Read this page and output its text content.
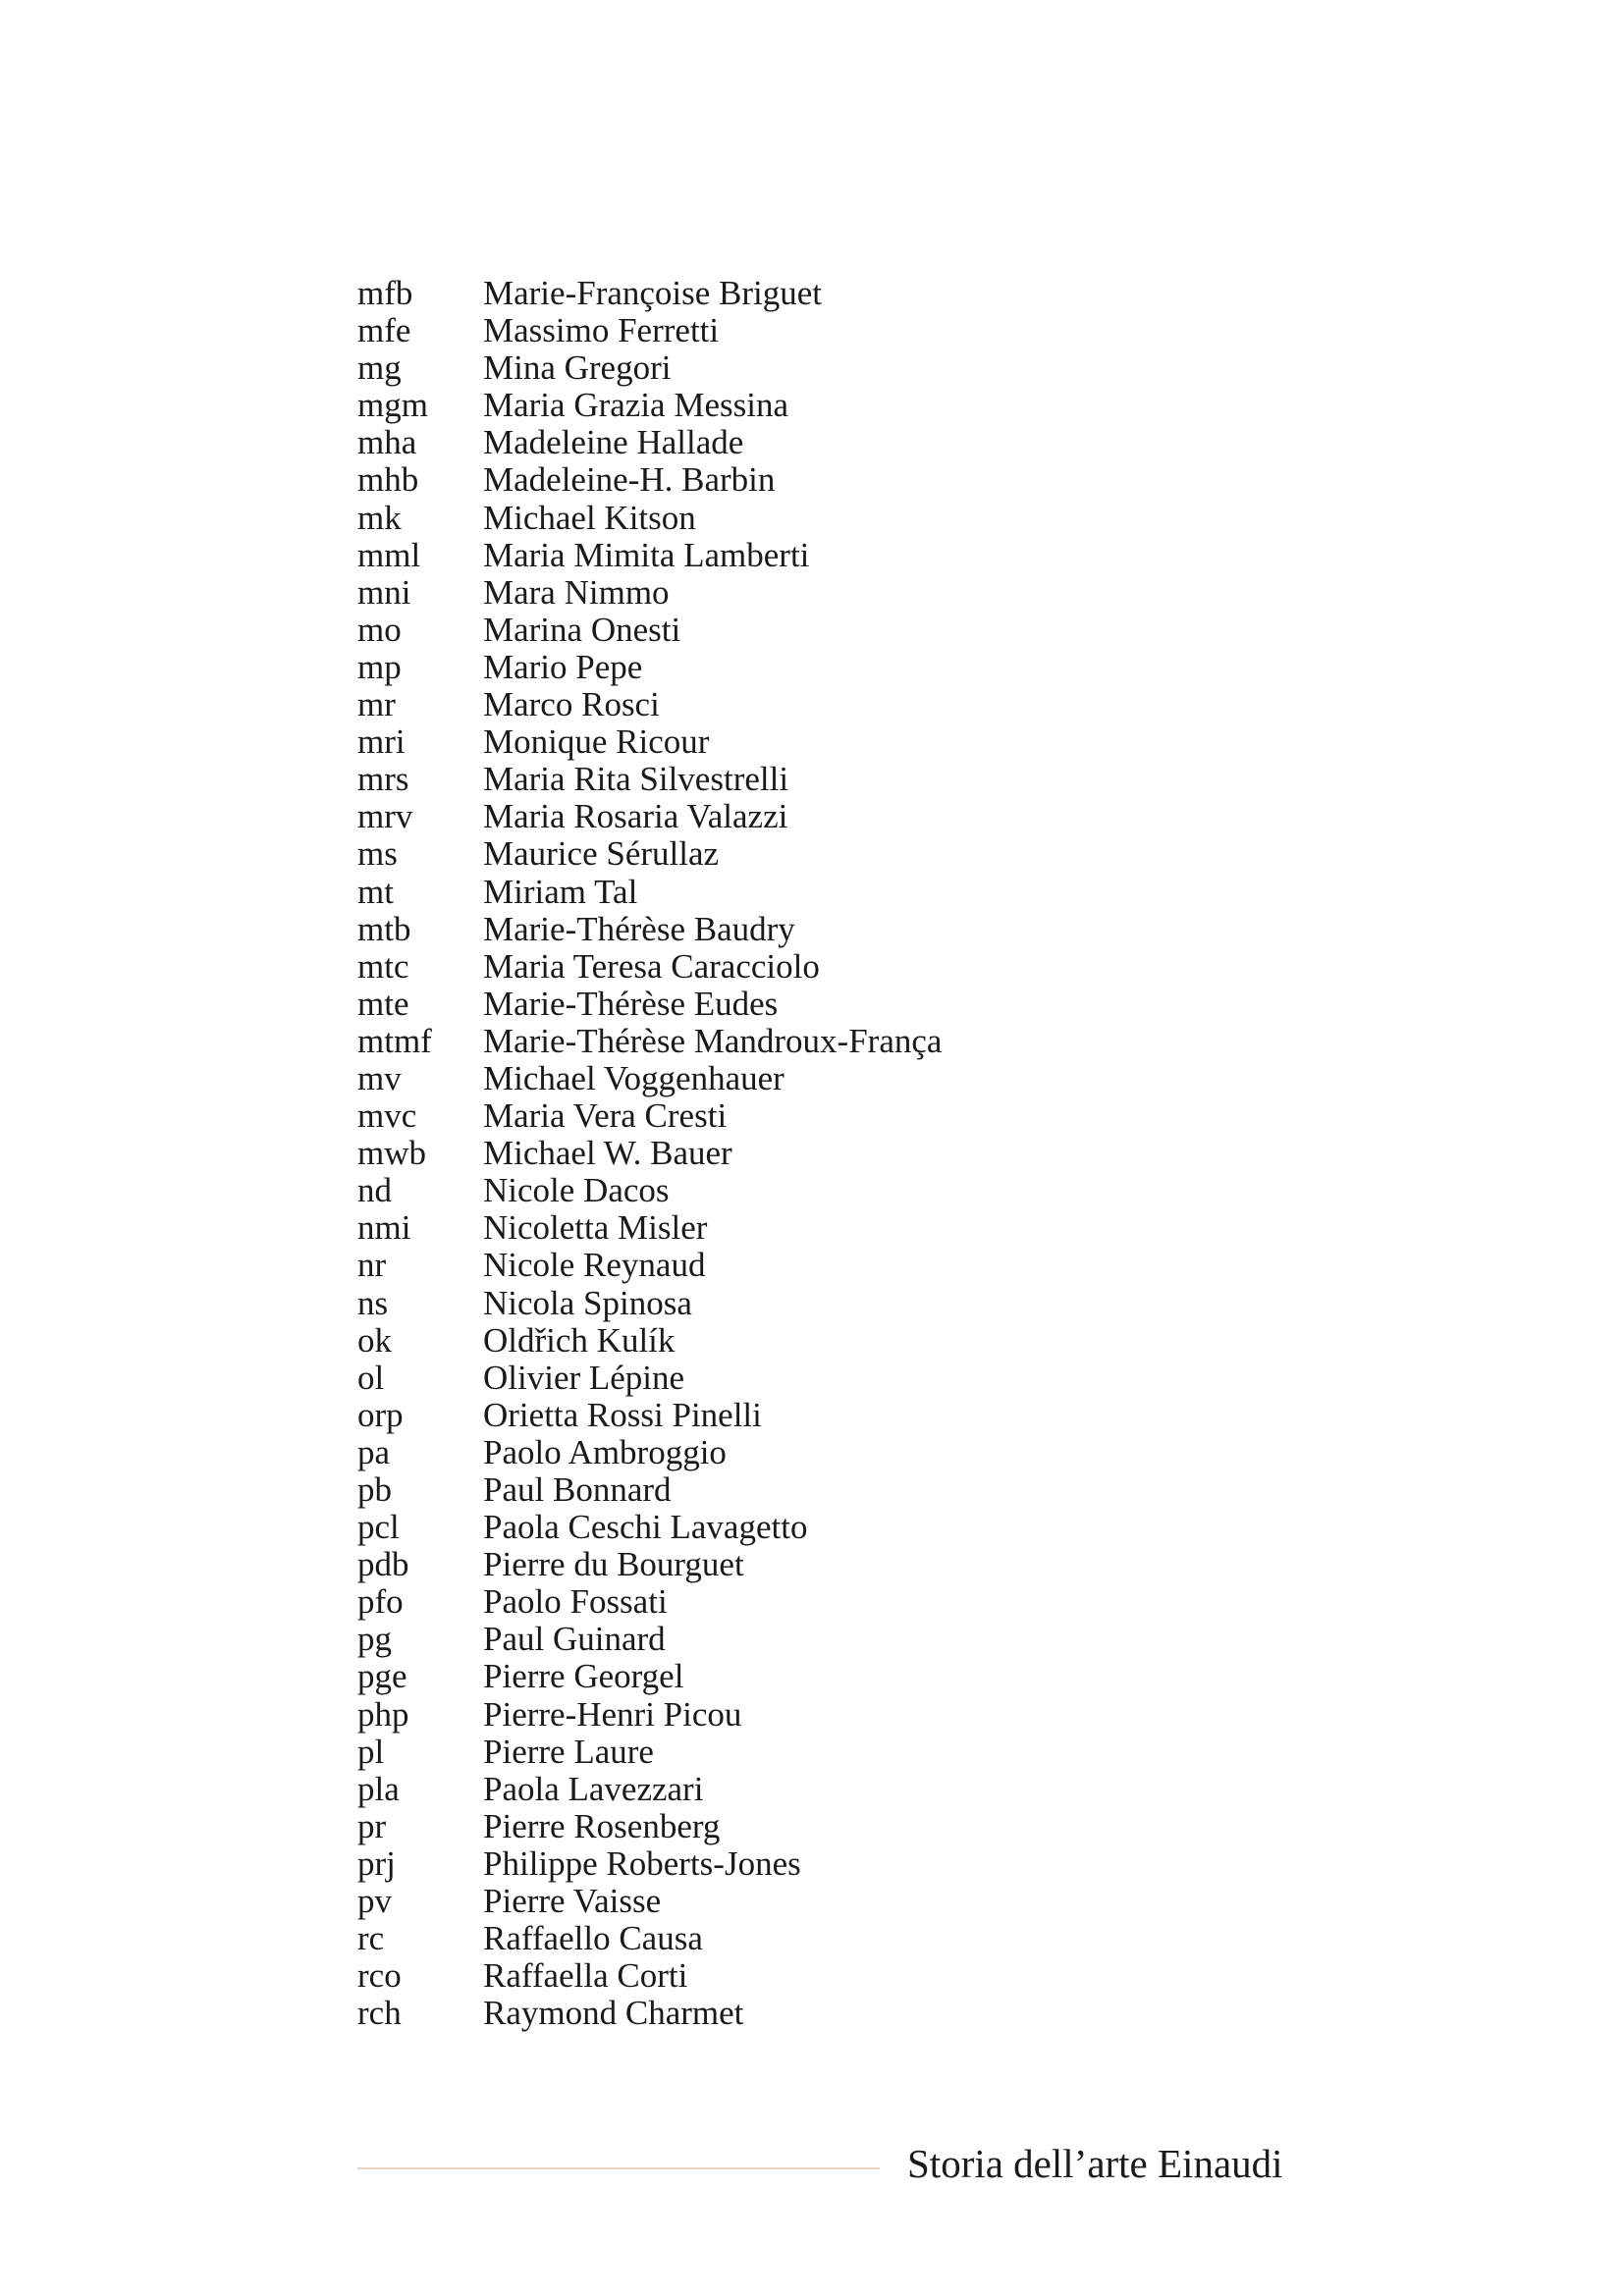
mfb	Marie-Françoise Briguet
mfe	Massimo Ferretti
mg	Mina Gregori
mgm	Maria Grazia Messina
mha	Madeleine Hallade
mhb	Madeleine-H. Barbin
mk	Michael Kitson
mml	Maria Mimita Lamberti
mni	Mara Nimmo
mo	Marina Onesti
mp	Mario Pepe
mr	Marco Rosci
mri	Monique Ricour
mrs	Maria Rita Silvestrelli
mrv	Maria Rosaria Valazzi
ms	Maurice Sérullaz
mt	Miriam Tal
mtb	Marie-Thérèse Baudry
mtc	Maria Teresa Caracciolo
mte	Marie-Thérèse Eudes
mtmf	Marie-Thérèse Mandroux-França
mv	Michael Voggenhauer
mvc	Maria Vera Cresti
mwb	Michael W. Bauer
nd	Nicole Dacos
nmi	Nicoletta Misler
nr	Nicole Reynaud
ns	Nicola Spinosa
ok	Oldřich Kulík
ol	Olivier Lépine
orp	Orietta Rossi Pinelli
pa	Paolo Ambroggio
pb	Paul Bonnard
pcl	Paola Ceschi Lavagetto
pdb	Pierre du Bourguet
pfo	Paolo Fossati
pg	Paul Guinard
pge	Pierre Georgel
php	Pierre-Henri Picou
pl	Pierre Laure
pla	Paola Lavezzari
pr	Pierre Rosenberg
prj	Philippe Roberts-Jones
pv	Pierre Vaisse
rc	Raffaello Causa
rco	Raffaella Corti
rch	Raymond Charmet
Storia dell’arte Einaudi
